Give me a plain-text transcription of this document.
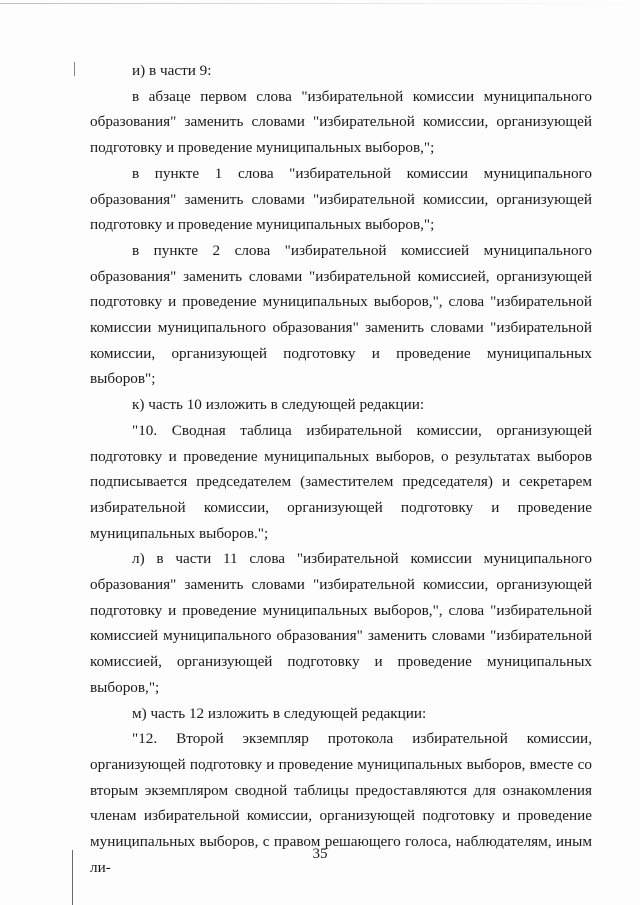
и) в части 9:

в абзаце первом слова "избирательной комиссии муниципального образования" заменить словами "избирательной комиссии, организующей подготовку и проведение муниципальных выборов,";

в пункте 1 слова "избирательной комиссии муниципального образования" заменить словами "избирательной комиссии, организующей подготовку и проведение муниципальных выборов,";

в пункте 2 слова "избирательной комиссией муниципального образования" заменить словами "избирательной комиссией, организующей подготовку и проведение муниципальных выборов,", слова "избирательной комиссии муниципального образования" заменить словами "избирательной комиссии, организующей подготовку и проведение муниципальных выборов";

к) часть 10 изложить в следующей редакции:

"10. Сводная таблица избирательной комиссии, организующей подготовку и проведение муниципальных выборов, о результатах выборов подписывается председателем (заместителем председателя) и секретарем избирательной комиссии, организующей подготовку и проведение муниципальных выборов.";

л) в части 11 слова "избирательной комиссии муниципального образования" заменить словами "избирательной комиссии, организующей подготовку и проведение муниципальных выборов,", слова "избирательной комиссией муниципального образования" заменить словами "избирательной комиссией, организующей подготовку и проведение муниципальных выборов,";

м) часть 12 изложить в следующей редакции:

"12. Второй экземпляр протокола избирательной комиссии, организующей подготовку и проведение муниципальных выборов, вместе со вторым экземпляром сводной таблицы предоставляются для ознакомления членам избирательной комиссии, организующей подготовку и проведение муниципальных выборов, с правом решающего голоса, наблюдателям, иным ли-

35
